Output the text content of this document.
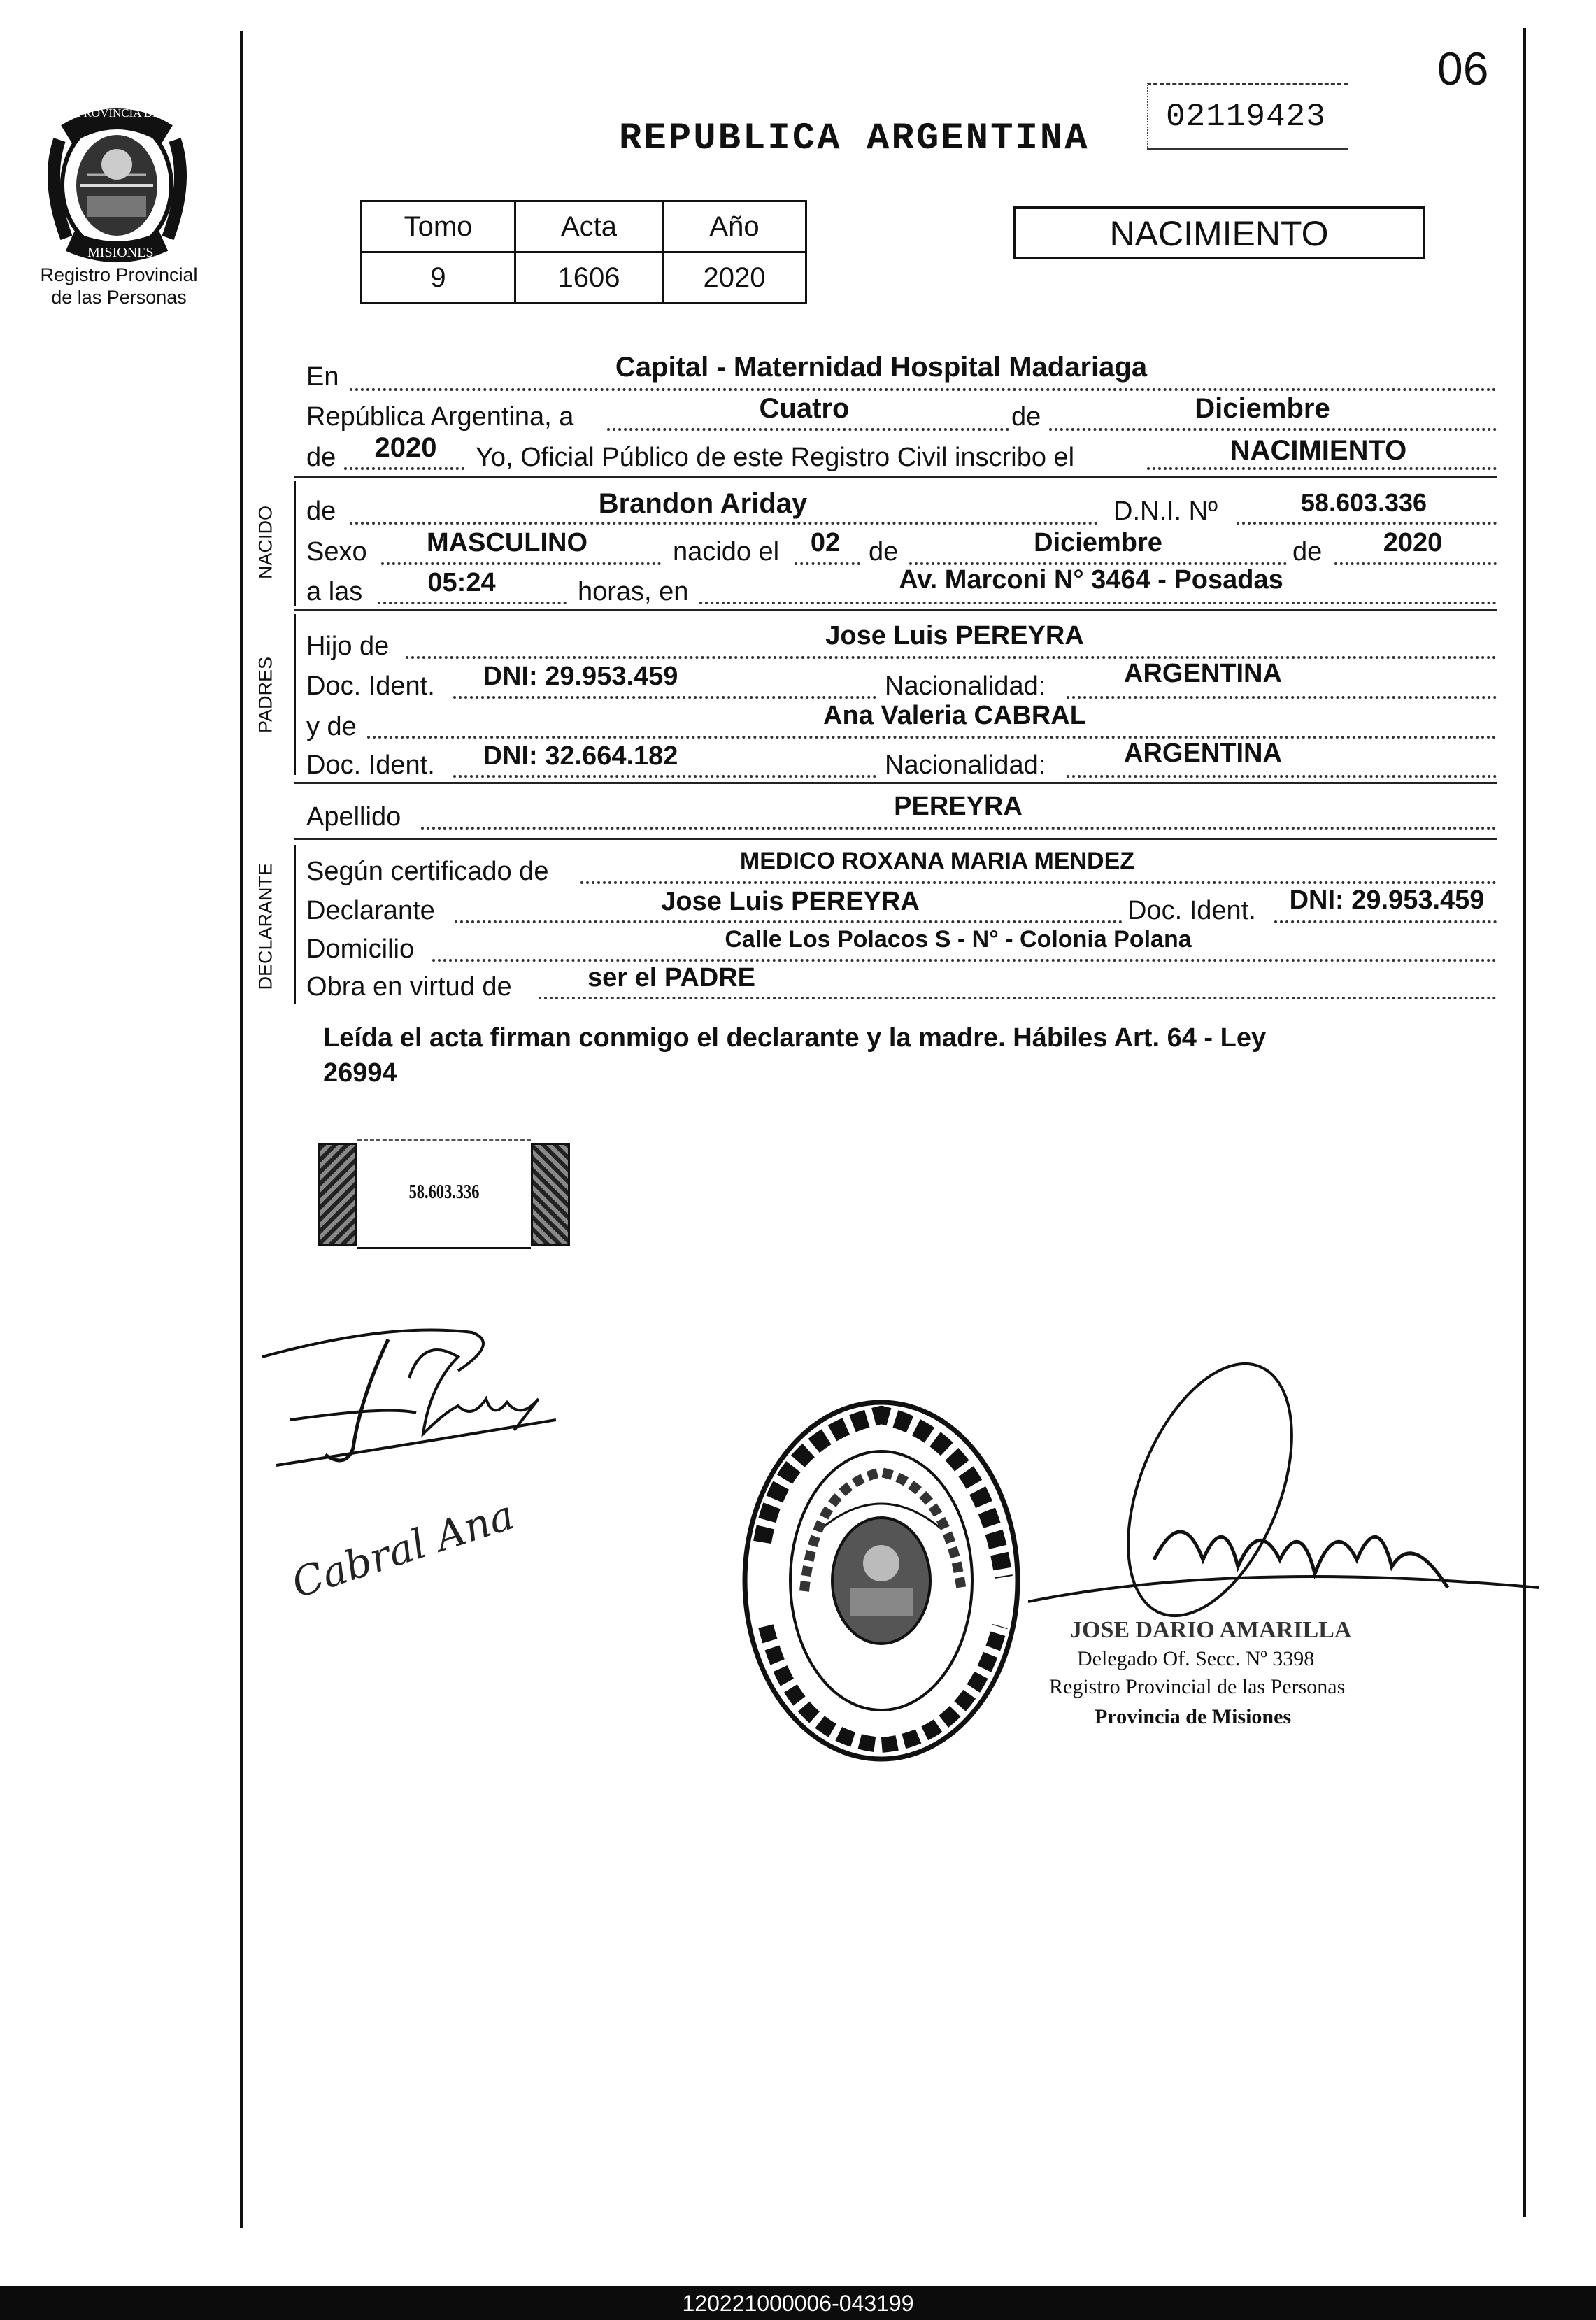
06
PROVINCIA DE
MISIONES
Registro Provincial
de las Personas
REPUBLICA ARGENTINA
02119423
Tomo	Acta	Año
9	1606	2020
NACIMIENTO
En	Capital - Maternidad Hospital Madariaga
República Argentina, a	Cuatro	de	Diciembre
de	2020	Yo, Oficial Público de este Registro Civil inscribo el	NACIMIENTO
NACIDO de	Brandon Ariday	D.N.I. Nº	58.603.336
Sexo	MASCULINO	nacido el	02	de	Diciembre	de	2020
a las	05:24	horas, en	Av. Marconi N° 3464 - Posadas
PADRES
Hijo de	Jose Luis PEREYRA
Doc. Ident.	DNI: 29.953.459	Nacionalidad:	ARGENTINA
y de	Ana Valeria CABRAL
Doc. Ident.	DNI: 32.664.182	Nacionalidad:	ARGENTINA
Apellido	PEREYRA
DECLARANTE Según certificado de	MEDICO ROXANA MARIA MENDEZ
Declarante	Jose Luis PEREYRA	Doc. Ident.	DNI: 29.953.459
Domicilio	Calle Los Polacos S - N° - Colonia Polana
Obra en virtud de	ser el PADRE
Leída el acta firman conmigo el declarante y la madre. Hábiles Art. 64 - Ley
26994
58.603.336
Cabral Ana
JOSE DARIO AMARILLA
Delegado Of. Secc. Nº 3398
Registro Provincial de las Personas
Provincia de Misiones
120221000006-043199
